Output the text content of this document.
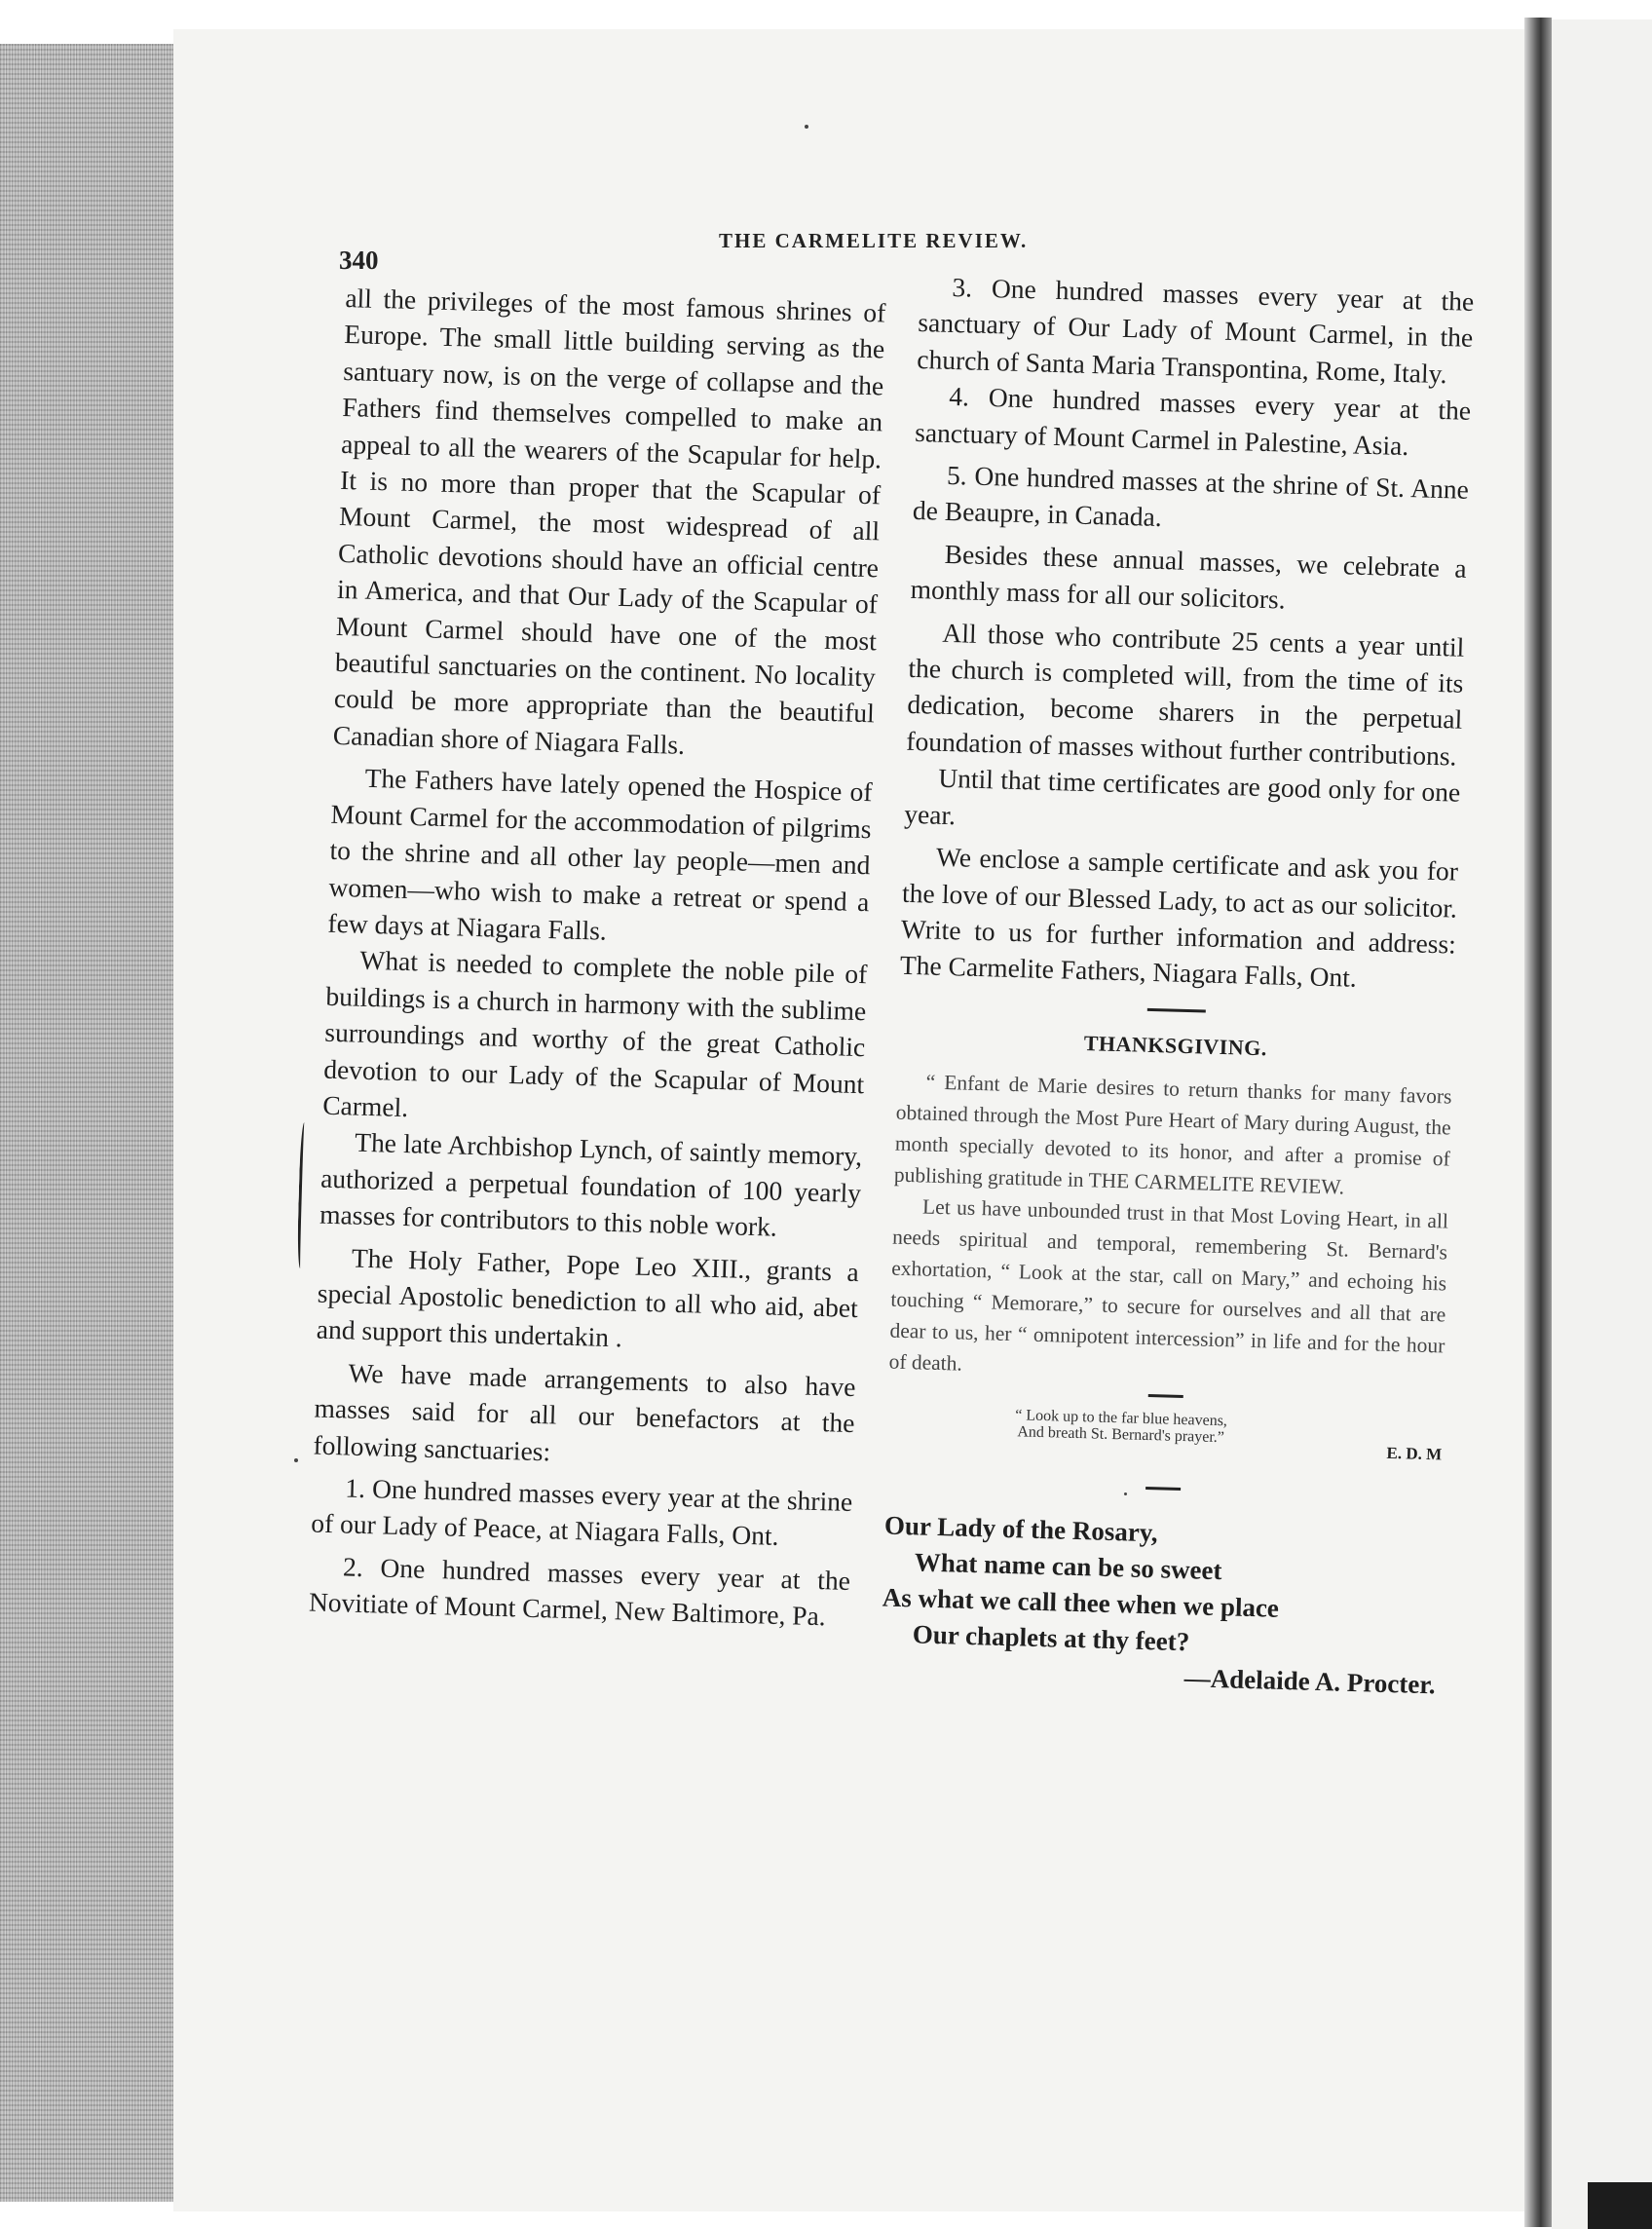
340
THE CARMELITE REVIEW.

all the privileges of the most famous shrines of Europe. The small little building serving as the santuary now, is on the verge of collapse and the Fathers find themselves compelled to make an appeal to all the wearers of the Scapular for help. It is no more than proper that the Scapular of Mount Carmel, the most widespread of all Catholic devotions should have an official centre in America, and that Our Lady of the Scapular of Mount Carmel should have one of the most beautiful sanctuaries on the continent. No locality could be more appropriate than the beautiful Canadian shore of Niagara Falls.

The Fathers have lately opened the Hospice of Mount Carmel for the accommodation of pilgrims to the shrine and all other lay people—men and women—who wish to make a retreat or spend a few days at Niagara Falls.

What is needed to complete the noble pile of buildings is a church in harmony with the sublime surroundings and worthy of the great Catholic devotion to our Lady of the Scapular of Mount Carmel.

The late Archbishop Lynch, of saintly memory, authorized a perpetual foundation of 100 yearly masses for contributors to this noble work.

The Holy Father, Pope Leo XIII., grants a special Apostolic benediction to all who aid, abet and support this undertakin .

We have made arrangements to also have masses said for all our benefactors at the following sanctuaries:

1. One hundred masses every year at the shrine of our Lady of Peace, at Niagara Falls, Ont.

2. One hundred masses every year at the Novitiate of Mount Carmel, New Baltimore, Pa.

3. One hundred masses every year at the sanctuary of Our Lady of Mount Carmel, in the church of Santa Maria Transpontina, Rome, Italy.

4. One hundred masses every year at the sanctuary of Mount Carmel in Palestine, Asia.

5. One hundred masses at the shrine of St. Anne de Beaupre, in Canada.

Besides these annual masses, we celebrate a monthly mass for all our solicitors.

All those who contribute 25 cents a year until the church is completed will, from the time of its dedication, become sharers in the perpetual foundation of masses without further contributions.

Until that time certificates are good only for one year.

We enclose a sample certificate and ask you for the love of our Blessed Lady, to act as our solicitor. Write to us for further information and address: The Carmelite Fathers, Niagara Falls, Ont.

THANKSGIVING.

“ Enfant de Marie desires to return thanks for many favors obtained through the Most Pure Heart of Mary during August, the month specially devoted to its honor, and after a promise of publishing gratitude in THE CARMELITE REVIEW.

Let us have unbounded trust in that Most Loving Heart, in all needs spiritual and temporal, remembering St. Bernard's exhortation, “ Look at the star, call on Mary,” and echoing his touching “ Memorare,” to secure for ourselves and all that are dear to us, her “ omnipotent intercession” in life and for the hour of death.

“ Look up to the far blue heavens,
And breath St. Bernard's prayer.”
E. D. M
Our Lady of the Rosary,
What name can be so sweet
As what we call thee when we place
Our chaplets at thy feet?
—Adelaide A. Procter.
